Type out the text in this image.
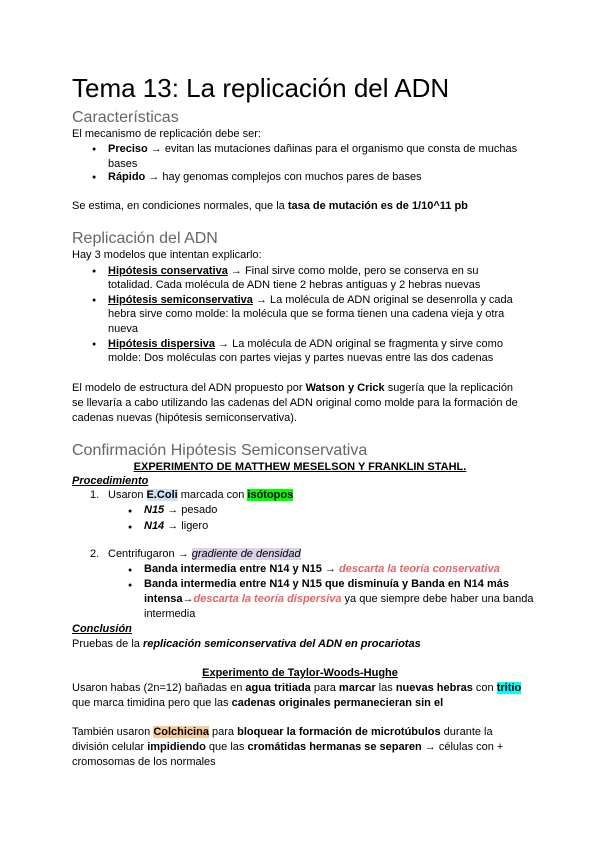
Tema 13: La replicación del ADN
Características
El mecanismo de replicación debe ser:
●
Preciso → evitan las mutaciones dañinas para el organismo que consta de muchas
bases
●
Rápido → hay genomas complejos con muchos pares de bases
Se estima, en condiciones normales, que la tasa de mutación es de 1/10^11 pb
Replicación del ADN
Hay 3 modelos que intentan explicarlo:
●
Hipótesis conservativa → Final sirve como molde, pero se conserva en su
totalidad. Cada molécula de ADN tiene 2 hebras antiguas y 2 hebras nuevas
●
Hipótesis semiconservativa → La molécula de ADN original se desenrolla y cada
hebra sirve como molde: la molécula que se forma tienen una cadena vieja y otra
nueva
●
Hipótesis dispersiva → La molécula de ADN original se fragmenta y sirve como
molde: Dos moléculas con partes viejas y partes nuevas entre las dos cadenas
El modelo de estructura del ADN propuesto por Watson y Crick sugería que la replicación
se llevaría a cabo utilizando las cadenas del ADN original como molde para la formación de
cadenas nuevas (hipótesis semiconservativa).
Confirmación Hipótesis Semiconservativa
EXPERIMENTO DE MATTHEW MESELSON Y FRANKLIN STAHL.
Procedimiento
1. Usaron E.Coli marcada con isótopos
●
N15 → pesado
●
N14 → ligero
2. Centrifugaron → gradiente de densidad
●
Banda intermedia entre N14 y N15 → descarta la teoría conservativa
●
Banda intermedia entre N14 y N15 que disminuía y Banda en N14 más
intensa→descarta la teoría dispersiva ya que siempre debe haber una banda
intermedia
Conclusión
Pruebas de la replicación semiconservativa del ADN en procariotas
Experimento de Taylor-Woods-Hughe
Usaron habas (2n=12) bañadas en agua tritiada para marcar las nuevas hebras con tritio
que marca timidina pero que las cadenas originales permanecieran sin el
También usaron Colchicina para bloquear la formación de microtúbulos durante la
división celular impidiendo que las cromátidas hermanas se separen → células con +
cromosomas de los normales
